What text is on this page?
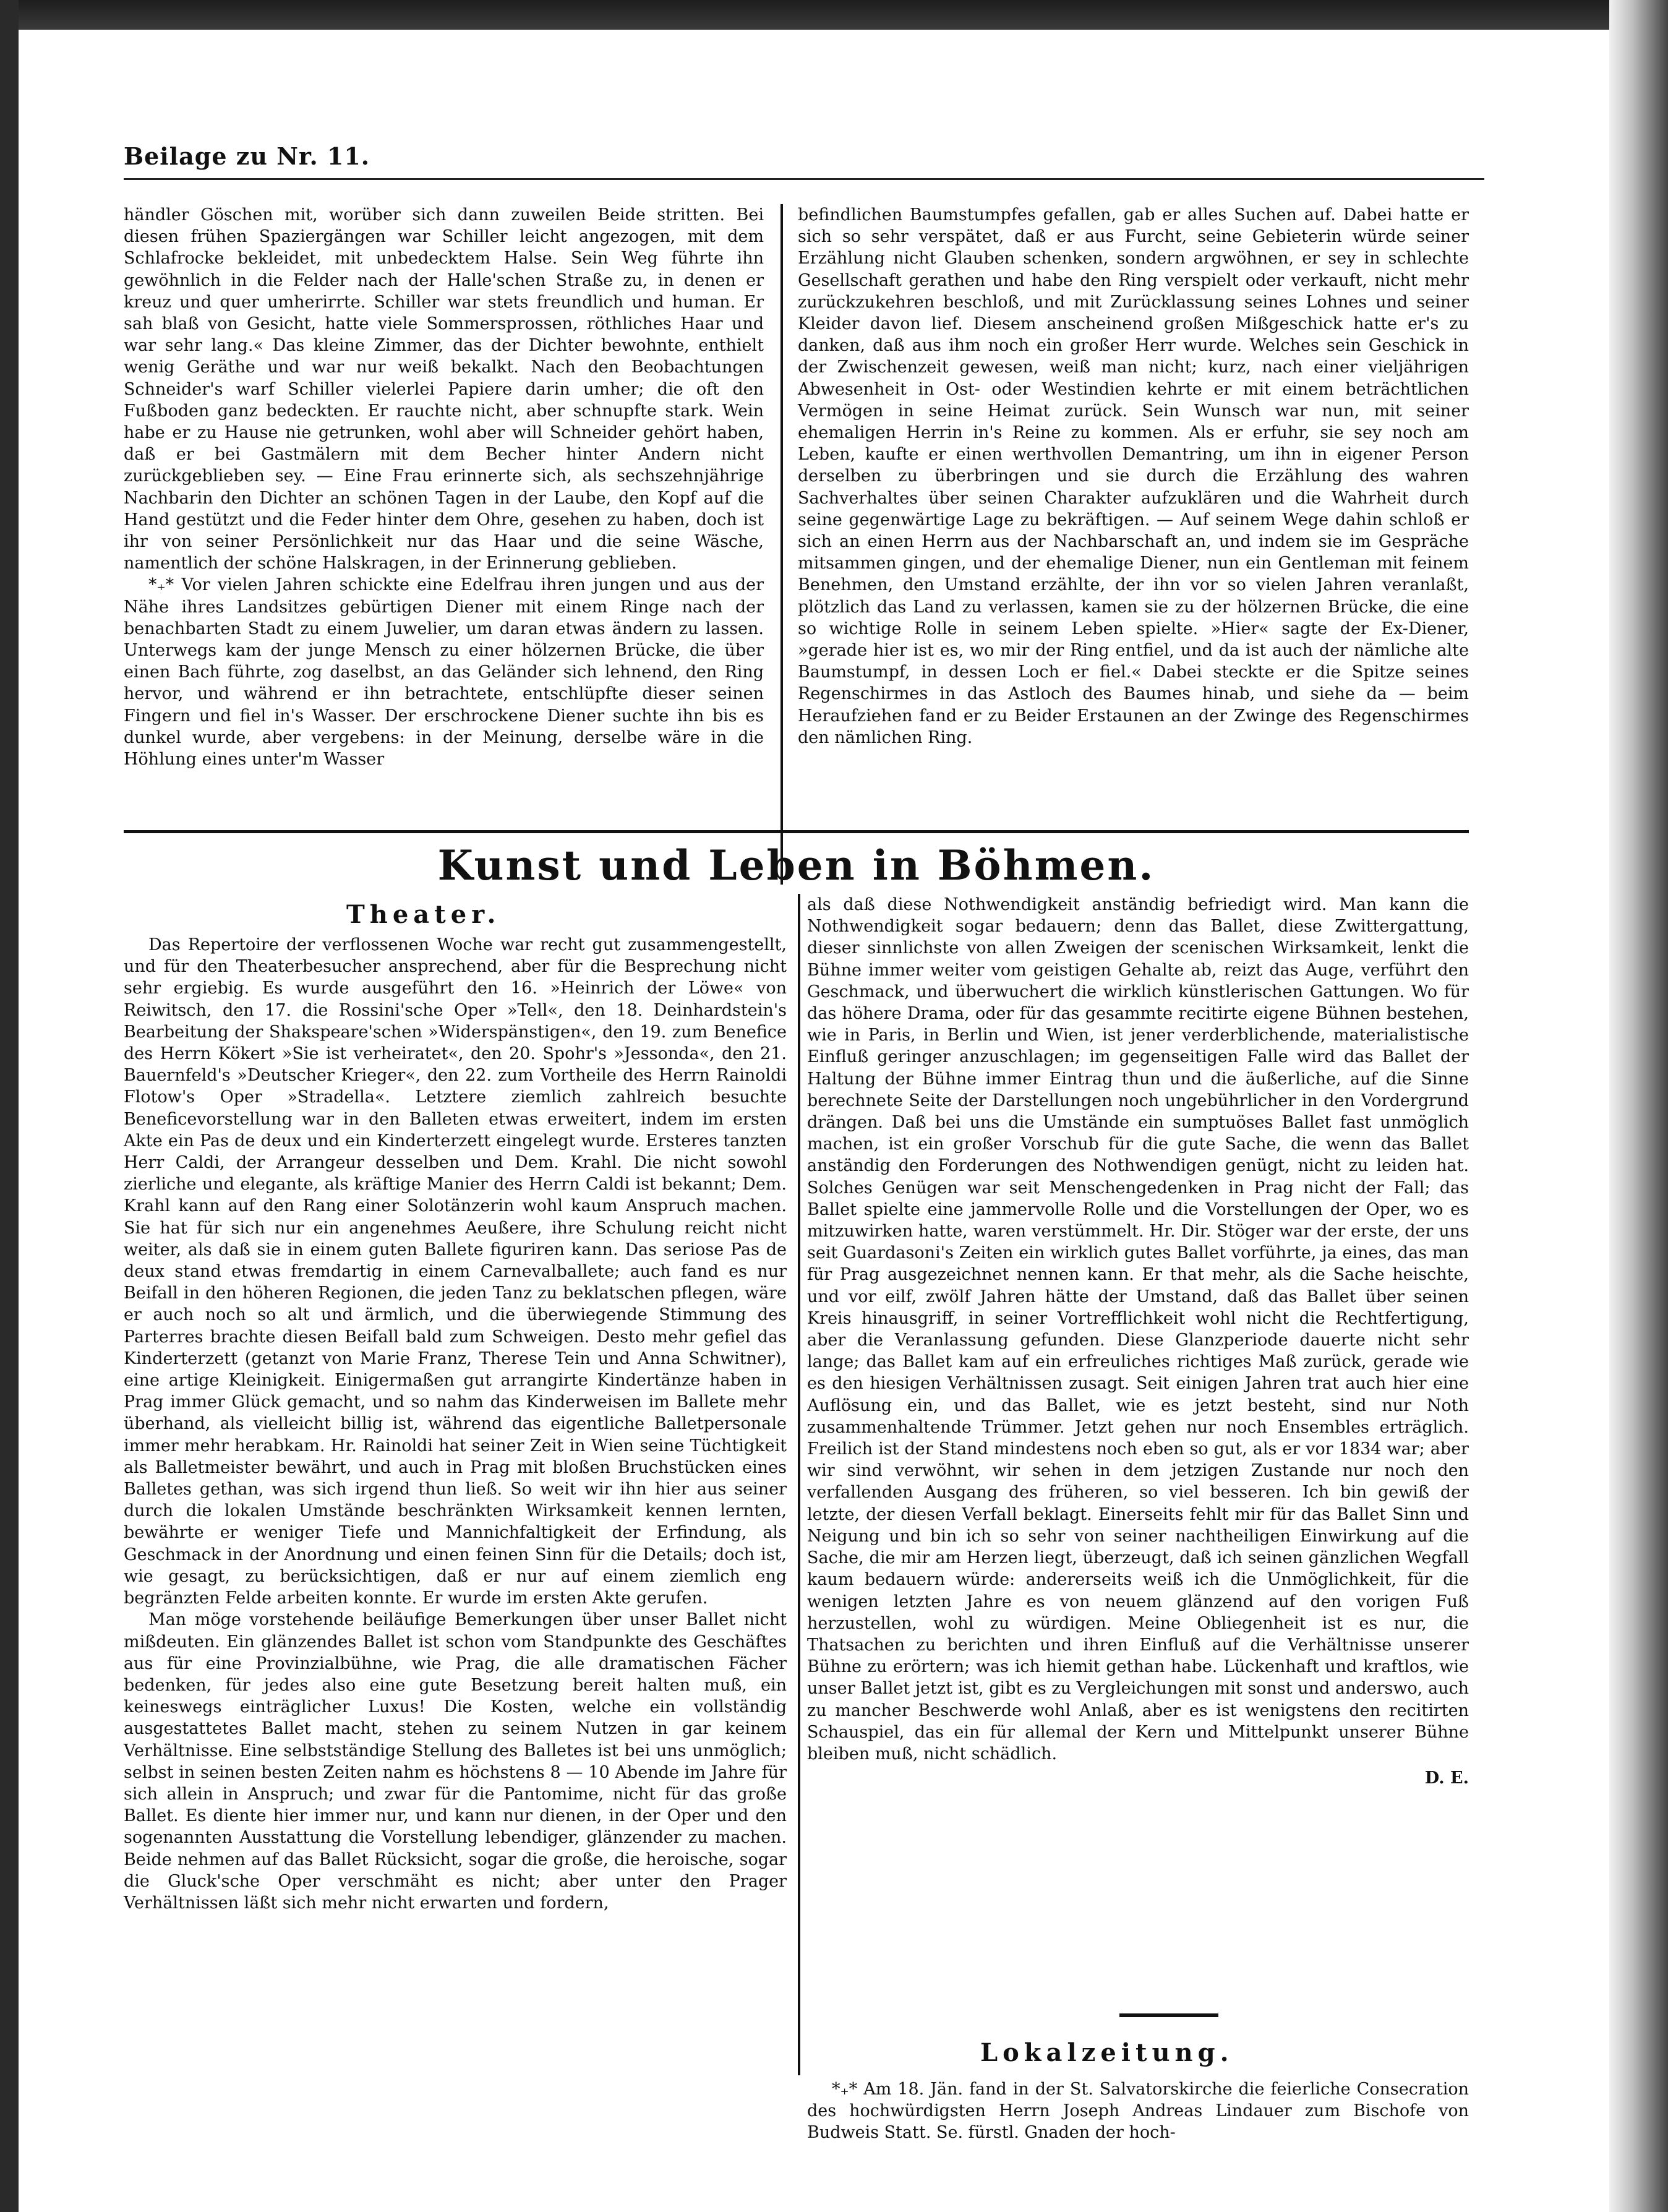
Beilage zu Nr. 11.

händler Göschen mit, worüber sich dann zuweilen Beide stritten. Bei diesen frühen Spaziergängen war Schiller leicht angezogen, mit dem Schlafrocke bekleidet, mit unbedecktem Halse. Sein Weg führte ihn gewöhnlich in die Felder nach der Halle'schen Straße zu, in denen er kreuz und quer umherirrte. Schiller war stets freundlich und human. Er sah blaß von Gesicht, hatte viele Sommersprossen, röthliches Haar und war sehr lang.« Das kleine Zimmer, das der Dichter bewohnte, enthielt wenig Geräthe und war nur weiß bekalkt. Nach den Beobachtungen Schneider's warf Schiller vielerlei Papiere darin umher; die oft den Fußboden ganz bedeckten. Er rauchte nicht, aber schnupfte stark. Wein habe er zu Hause nie getrunken, wohl aber will Schneider gehört haben, daß er bei Gastmälern mit dem Becher hinter Andern nicht zurückgeblieben sey. — Eine Frau erinnerte sich, als sechszehnjährige Nachbarin den Dichter an schönen Tagen in der Laube, den Kopf auf die Hand gestützt und die Feder hinter dem Ohre, gesehen zu haben, doch ist ihr von seiner Persönlichkeit nur das Haar und die seine Wäsche, namentlich der schöne Halskragen, in der Erinnerung geblieben.

*₊* Vor vielen Jahren schickte eine Edelfrau ihren jungen und aus der Nähe ihres Landsitzes gebürtigen Diener mit einem Ringe nach der benachbarten Stadt zu einem Juwelier, um daran etwas ändern zu lassen. Unterwegs kam der junge Mensch zu einer hölzernen Brücke, die über einen Bach führte, zog daselbst, an das Geländer sich lehnend, den Ring hervor, und während er ihn betrachtete, entschlüpfte dieser seinen Fingern und fiel in's Wasser. Der erschrockene Diener suchte ihn bis es dunkel wurde, aber vergebens: in der Meinung, derselbe wäre in die Höhlung eines unter'm Wasser

befindlichen Baumstumpfes gefallen, gab er alles Suchen auf. Dabei hatte er sich so sehr verspätet, daß er aus Furcht, seine Gebieterin würde seiner Erzählung nicht Glauben schenken, sondern argwöhnen, er sey in schlechte Gesellschaft gerathen und habe den Ring verspielt oder verkauft, nicht mehr zurückzukehren beschloß, und mit Zurücklassung seines Lohnes und seiner Kleider davon lief. Diesem anscheinend großen Mißgeschick hatte er's zu danken, daß aus ihm noch ein großer Herr wurde. Welches sein Geschick in der Zwischenzeit gewesen, weiß man nicht; kurz, nach einer vieljährigen Abwesenheit in Ost- oder Westindien kehrte er mit einem beträchtlichen Vermögen in seine Heimat zurück. Sein Wunsch war nun, mit seiner ehemaligen Herrin in's Reine zu kommen. Als er erfuhr, sie sey noch am Leben, kaufte er einen werthvollen Demantring, um ihn in eigener Person derselben zu überbringen und sie durch die Erzählung des wahren Sachverhaltes über seinen Charakter aufzuklären und die Wahrheit durch seine gegenwärtige Lage zu bekräftigen. — Auf seinem Wege dahin schloß er sich an einen Herrn aus der Nachbarschaft an, und indem sie im Gespräche mitsammen gingen, und der ehemalige Diener, nun ein Gentleman mit feinem Benehmen, den Umstand erzählte, der ihn vor so vielen Jahren veranlaßt, plötzlich das Land zu verlassen, kamen sie zu der hölzernen Brücke, die eine so wichtige Rolle in seinem Leben spielte. »Hier« sagte der Ex-Diener, »gerade hier ist es, wo mir der Ring entfiel, und da ist auch der nämliche alte Baumstumpf, in dessen Loch er fiel.« Dabei steckte er die Spitze seines Regenschirmes in das Astloch des Baumes hinab, und siehe da — beim Heraufziehen fand er zu Beider Erstaunen an der Zwinge des Regenschirmes den nämlichen Ring.

Kunst und Leben in Böhmen.
Theater.

Das Repertoire der verflossenen Woche war recht gut zusammengestellt, und für den Theaterbesucher ansprechend, aber für die Besprechung nicht sehr ergiebig. Es wurde ausgeführt den 16. »Heinrich der Löwe« von Reiwitsch, den 17. die Rossini'sche Oper »Tell«, den 18. Deinhardstein's Bearbeitung der Shakspeare'schen »Widerspänstigen«, den 19. zum Benefice des Herrn Kökert »Sie ist verheiratet«, den 20. Spohr's »Jessonda«, den 21. Bauernfeld's »Deutscher Krieger«, den 22. zum Vortheile des Herrn Rainoldi Flotow's Oper »Stradella«. Letztere ziemlich zahlreich besuchte Beneficevorstellung war in den Balleten etwas erweitert, indem im ersten Akte ein Pas de deux und ein Kinderterzett eingelegt wurde. Ersteres tanzten Herr Caldi, der Arrangeur desselben und Dem. Krahl. Die nicht sowohl zierliche und elegante, als kräftige Manier des Herrn Caldi ist bekannt; Dem. Krahl kann auf den Rang einer Solotänzerin wohl kaum Anspruch machen. Sie hat für sich nur ein angenehmes Aeußere, ihre Schulung reicht nicht weiter, als daß sie in einem guten Ballete figuriren kann. Das seriose Pas de deux stand etwas fremdartig in einem Carnevalballete; auch fand es nur Beifall in den höheren Regionen, die jeden Tanz zu beklatschen pflegen, wäre er auch noch so alt und ärmlich, und die überwiegende Stimmung des Parterres brachte diesen Beifall bald zum Schweigen. Desto mehr gefiel das Kinderterzett (getanzt von Marie Franz, Therese Tein und Anna Schwitner), eine artige Kleinigkeit. Einigermaßen gut arrangirte Kindertänze haben in Prag immer Glück gemacht, und so nahm das Kinderweisen im Ballete mehr überhand, als vielleicht billig ist, während das eigentliche Balletpersonale immer mehr herabkam. Hr. Rainoldi hat seiner Zeit in Wien seine Tüchtigkeit als Balletmeister bewährt, und auch in Prag mit bloßen Bruchstücken eines Balletes gethan, was sich irgend thun ließ. So weit wir ihn hier aus seiner durch die lokalen Umstände beschränkten Wirksamkeit kennen lernten, bewährte er weniger Tiefe und Mannichfaltigkeit der Erfindung, als Geschmack in der Anordnung und einen feinen Sinn für die Details; doch ist, wie gesagt, zu berücksichtigen, daß er nur auf einem ziemlich eng begränzten Felde arbeiten konnte. Er wurde im ersten Akte gerufen.

Man möge vorstehende beiläufige Bemerkungen über unser Ballet nicht mißdeuten. Ein glänzendes Ballet ist schon vom Standpunkte des Geschäftes aus für eine Provinzialbühne, wie Prag, die alle dramatischen Fächer bedenken, für jedes also eine gute Besetzung bereit halten muß, ein keineswegs einträglicher Luxus! Die Kosten, welche ein vollständig ausgestattetes Ballet macht, stehen zu seinem Nutzen in gar keinem Verhältnisse. Eine selbstständige Stellung des Balletes ist bei uns unmöglich; selbst in seinen besten Zeiten nahm es höchstens 8 — 10 Abende im Jahre für sich allein in Anspruch; und zwar für die Pantomime, nicht für das große Ballet. Es diente hier immer nur, und kann nur dienen, in der Oper und den sogenannten Ausstattung die Vorstellung lebendiger, glänzender zu machen. Beide nehmen auf das Ballet Rücksicht, sogar die große, die heroische, sogar die Gluck'sche Oper verschmäht es nicht; aber unter den Prager Verhältnissen läßt sich mehr nicht erwarten und fordern,

als daß diese Nothwendigkeit anständig befriedigt wird. Man kann die Nothwendigkeit sogar bedauern; denn das Ballet, diese Zwittergattung, dieser sinnlichste von allen Zweigen der scenischen Wirksamkeit, lenkt die Bühne immer weiter vom geistigen Gehalte ab, reizt das Auge, verführt den Geschmack, und überwuchert die wirklich künstlerischen Gattungen. Wo für das höhere Drama, oder für das gesammte recitirte eigene Bühnen bestehen, wie in Paris, in Berlin und Wien, ist jener verderblichende, materialistische Einfluß geringer anzuschlagen; im gegenseitigen Falle wird das Ballet der Haltung der Bühne immer Eintrag thun und die äußerliche, auf die Sinne berechnete Seite der Darstellungen noch ungebührlicher in den Vordergrund drängen. Daß bei uns die Umstände ein sumptuöses Ballet fast unmöglich machen, ist ein großer Vorschub für die gute Sache, die wenn das Ballet anständig den Forderungen des Nothwendigen genügt, nicht zu leiden hat. Solches Genügen war seit Menschengedenken in Prag nicht der Fall; das Ballet spielte eine jammervolle Rolle und die Vorstellungen der Oper, wo es mitzuwirken hatte, waren verstümmelt. Hr. Dir. Stöger war der erste, der uns seit Guardasoni's Zeiten ein wirklich gutes Ballet vorführte, ja eines, das man für Prag ausgezeichnet nennen kann. Er that mehr, als die Sache heischte, und vor eilf, zwölf Jahren hätte der Umstand, daß das Ballet über seinen Kreis hinausgriff, in seiner Vortrefflichkeit wohl nicht die Rechtfertigung, aber die Veranlassung gefunden. Diese Glanzperiode dauerte nicht sehr lange; das Ballet kam auf ein erfreuliches richtiges Maß zurück, gerade wie es den hiesigen Verhältnissen zusagt. Seit einigen Jahren trat auch hier eine Auflösung ein, und das Ballet, wie es jetzt besteht, sind nur Noth zusammenhaltende Trümmer. Jetzt gehen nur noch Ensembles erträglich. Freilich ist der Stand mindestens noch eben so gut, als er vor 1834 war; aber wir sind verwöhnt, wir sehen in dem jetzigen Zustande nur noch den verfallenden Ausgang des früheren, so viel besseren. Ich bin gewiß der letzte, der diesen Verfall beklagt. Einerseits fehlt mir für das Ballet Sinn und Neigung und bin ich so sehr von seiner nachtheiligen Einwirkung auf die Sache, die mir am Herzen liegt, überzeugt, daß ich seinen gänzlichen Wegfall kaum bedauern würde: andererseits weiß ich die Unmöglichkeit, für die wenigen letzten Jahre es von neuem glänzend auf den vorigen Fuß herzustellen, wohl zu würdigen. Meine Obliegenheit ist es nur, die Thatsachen zu berichten und ihren Einfluß auf die Verhältnisse unserer Bühne zu erörtern; was ich hiemit gethan habe. Lückenhaft und kraftlos, wie unser Ballet jetzt ist, gibt es zu Vergleichungen mit sonst und anderswo, auch zu mancher Beschwerde wohl Anlaß, aber es ist wenigstens den recitirten Schauspiel, das ein für allemal der Kern und Mittelpunkt unserer Bühne bleiben muß, nicht schädlich.

D. E.
Lokalzeitung.

*₊* Am 18. Jän. fand in der St. Salvatorskirche die feierliche Consecration des hochwürdigsten Herrn Joseph Andreas Lindauer zum Bischofe von Budweis Statt. Se. fürstl. Gnaden der hoch-
